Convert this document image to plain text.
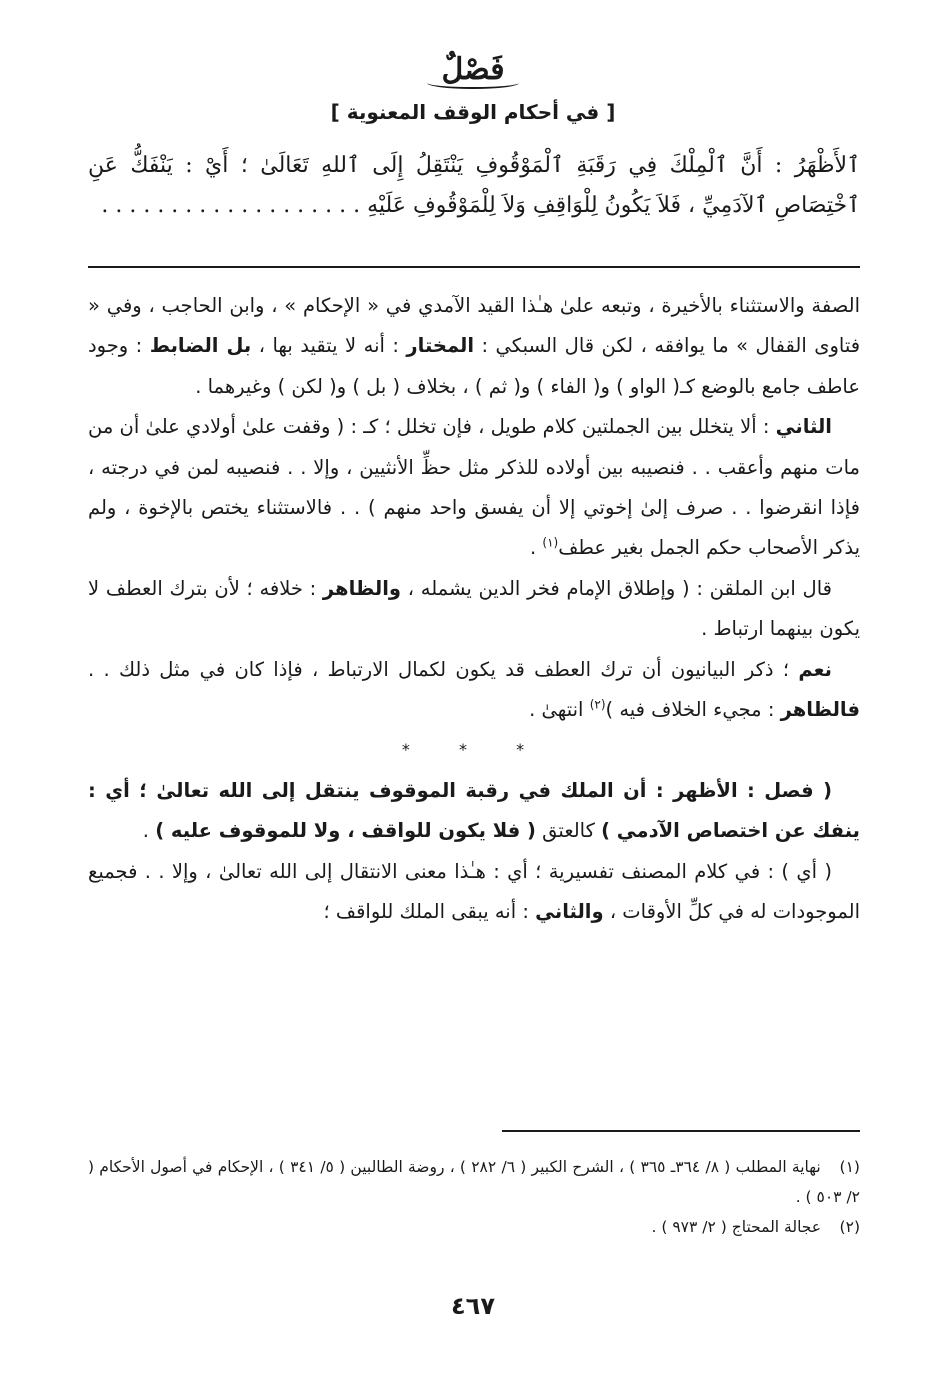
فَصْلٌ
[ في أحكام الوقف المعنوية ]
ٱلأَظْهَرُ : أَنَّ ٱلْمِلْكَ فِي رَقَبَةِ ٱلْمَوْقُوفِ يَنْتَقِلُ إِلَى ٱللهِ تَعَالَىٰ ؛ أَيْ : يَنْفَكُّ عَنِ ٱخْتِصَاصِ ٱلآدَمِيِّ ، فَلاَ يَكُونُ لِلْوَاقِفِ وَلاَ لِلْمَوْقُوفِ عَلَيْهِ . . . . . . . . . . . . . . . . . . .

الصفة والاستثناء بالأخيرة ، وتبعه علىٰ هـٰذا القيد الآمدي في « الإحكام » ، وابن الحاجب ، وفي « فتاوى القفال » ما يوافقه ، لكن قال السبكي : المختار : أنه لا يتقيد بها ، بل الضابط : وجود عاطف جامع بالوضع كـ( الواو ) و( الفاء ) و( ثم ) ، بخلاف ( بل ) و( لكن ) وغيرهما .

الثاني : ألا يتخلل بين الجملتين كلام طويل ، فإن تخلل ؛ كـ : ( وقفت علىٰ أولادي علىٰ أن من مات منهم وأعقب . . فنصيبه بين أولاده للذكر مثل حظِّ الأنثيين ، وإلا . . فنصيبه لمن في درجته ، فإذا انقرضوا . . صرف إلىٰ إخوتي إلا أن يفسق واحد منهم ) . . فالاستثناء يختص بالإخوة ، ولم يذكر الأصحاب حكم الجمل بغير عطف$^{(١)}$ .

قال ابن الملقن : ( وإطلاق الإمام فخر الدين يشمله ، والظاهر : خلافه ؛ لأن بترك العطف لا يكون بينهما ارتباط .

نعم ؛ ذكر البيانيون أن ترك العطف قد يكون لكمال الارتباط ، فإذا كان في مثل ذلك . . فالظاهر : مجيء الخلاف فيه )$^{(٢)}$ انتهىٰ .

* * *

( فصل : الأظهر : أن الملك في رقبة الموقوف ينتقل إلى الله تعالىٰ ؛ أي : ينفك عن اختصاص الآدمي ) كالعتق ( فلا يكون للواقف ، ولا للموقوف عليه ) .

( أي ) : في كلام المصنف تفسيرية ؛ أي : هـٰذا معنى الانتقال إلى الله تعالىٰ ، وإلا . . فجميع الموجودات له في كلِّ الأوقات ، والثاني : أنه يبقى الملك للواقف ؛

(١) نهاية المطلب ( ٨/ ٣٦٤ـ ٣٦٥ ) ، الشرح الكبير ( ٦/ ٢٨٢ ) ، روضة الطالبين ( ٥/ ٣٤١ ) ، الإحكام في أصول الأحكام ( ٢/ ٥٠٣ ) .

(٢) عجالة المحتاج ( ٢/ ٩٧٣ ) .

٤٦٧
